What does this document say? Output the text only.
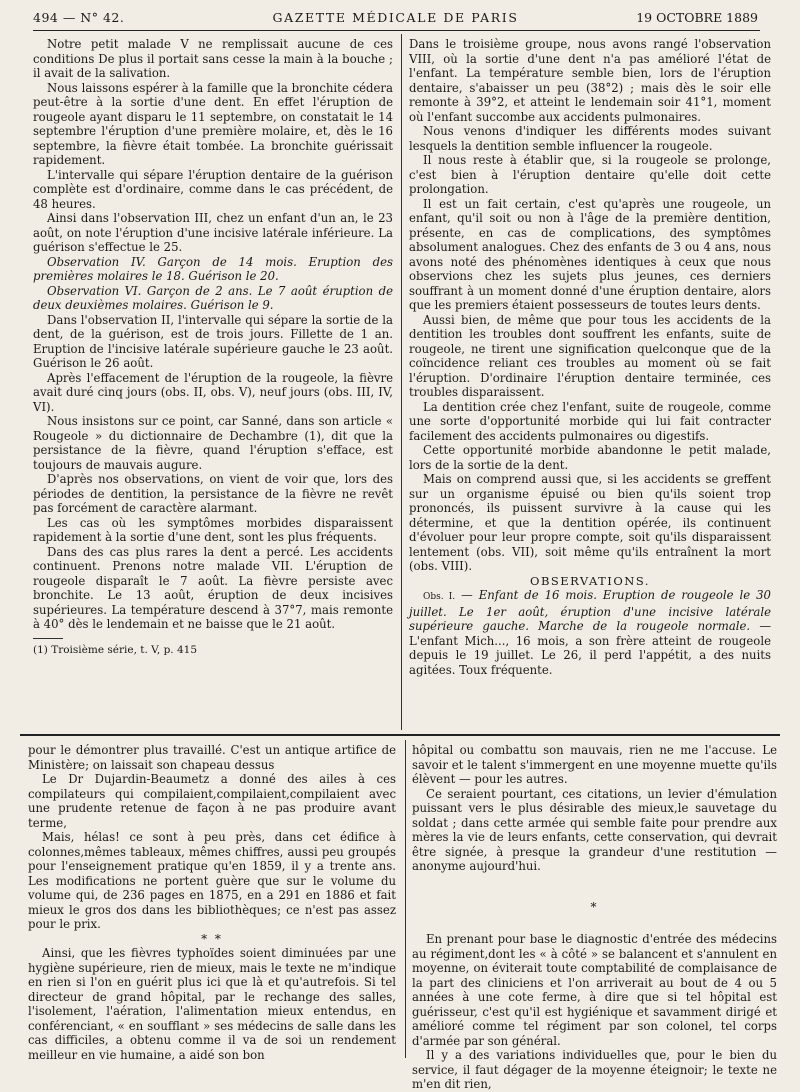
494 — N° 42.	GAZETTE MÉDICALE DE PARIS	19 OCTOBRE 1889

Notre petit malade V ne remplissait aucune de ces conditions De plus il portait sans cesse la main à la bouche ; il avait de la salivation.

Nous laissons espérer à la famille que la bronchite cédera peut-être à la sortie d'une dent. En effet l'éruption de rougeole ayant disparu le 11 septembre, on constatait le 14 septembre l'éruption d'une première molaire, et, dès le 16 septembre, la fièvre était tombée. La bronchite guérissait rapidement.

L'intervalle qui sépare l'éruption dentaire de la guérison complète est d'ordinaire, comme dans le cas précédent, de 48 heures.

Ainsi dans l'observation III, chez un enfant d'un an, le 23 août, on note l'éruption d'une incisive latérale inférieure. La guérison s'effectue le 25.

Observation IV. Garçon de 14 mois. Eruption des premières molaires le 18. Guérison le 20.

Observation VI. Garçon de 2 ans. Le 7 août éruption de deux deuxièmes molaires. Guérison le 9.

Dans l'observation II, l'intervalle qui sépare la sortie de la dent, de la guérison, est de trois jours. Fillette de 1 an. Eruption de l'incisive latérale supérieure gauche le 23 août. Guérison le 26 août.

Après l'effacement de l'éruption de la rougeole, la fièvre avait duré cinq jours (obs. II, obs. V), neuf jours (obs. III, IV, VI).

Nous insistons sur ce point, car Sanné, dans son article « Rougeole » du dictionnaire de Dechambre (1), dit que la persistance de la fièvre, quand l'éruption s'efface, est toujours de mauvais augure.

D'après nos observations, on vient de voir que, lors des périodes de dentition, la persistance de la fièvre ne revêt pas forcément de caractère alarmant.

Les cas où les symptômes morbides disparaissent rapidement à la sortie d'une dent, sont les plus fréquents.

Dans des cas plus rares la dent a percé. Les accidents continuent. Prenons notre malade VII. L'éruption de rougeole disparaît le 7 août. La fièvre persiste avec bronchite. Le 13 août, éruption de deux incisives supérieures. La température descend à 37°7, mais remonte à 40° dès le lendemain et ne baisse que le 21 août.

(1) Troisième série, t. V, p. 415

Dans le troisième groupe, nous avons rangé l'observation VIII, où la sortie d'une dent n'a pas amélioré l'état de l'enfant. La température semble bien, lors de l'éruption dentaire, s'abaisser un peu (38°2) ; mais dès le soir elle remonte à 39°2, et atteint le lendemain soir 41°1, moment où l'enfant succombe aux accidents pulmonaires.

Nous venons d'indiquer les différents modes suivant lesquels la dentition semble influencer la rougeole.

Il nous reste à établir que, si la rougeole se prolonge, c'est bien à l'éruption dentaire qu'elle doit cette prolongation.

Il est un fait certain, c'est qu'après une rougeole, un enfant, qu'il soit ou non à l'âge de la première dentition, présente, en cas de complications, des symptômes absolument analogues. Chez des enfants de 3 ou 4 ans, nous avons noté des phénomènes identiques à ceux que nous observions chez les sujets plus jeunes, ces derniers souffrant à un moment donné d'une éruption dentaire, alors que les premiers étaient possesseurs de toutes leurs dents.

Aussi bien, de même que pour tous les accidents de la dentition les troubles dont souffrent les enfants, suite de rougeole, ne tirent une signification quelconque que de la coïncidence reliant ces troubles au moment où se fait l'éruption. D'ordinaire l'éruption dentaire terminée, ces troubles disparaissent.

La dentition crée chez l'enfant, suite de rougeole, comme une sorte d'opportunité morbide qui lui fait contracter facilement des accidents pulmonaires ou digestifs.

Cette opportunité morbide abandonne le petit malade, lors de la sortie de la dent.

Mais on comprend aussi que, si les accidents se greffent sur un organisme épuisé ou bien qu'ils soient trop prononcés, ils puissent survivre à la cause qui les détermine, et que la dentition opérée, ils continuent d'évoluer pour leur propre compte, soit qu'ils disparaissent lentement (obs. VII), soit même qu'ils entraînent la mort (obs. VIII).

OBSERVATIONS.

Obs. I. — Enfant de 16 mois. Eruption de rougeole le 30 juillet. Le 1er août, éruption d'une incisive latérale supérieure gauche. Marche de la rougeole normale. — L'enfant Mich..., 16 mois, a son frère atteint de rougeole depuis le 19 juillet. Le 26, il perd l'appétit, a des nuits agitées. Toux fréquente.

pour le démontrer plus travaillé. C'est un antique artifice de Ministère; on laissait son chapeau dessus

Le Dr Dujardin-Beaumetz a donné des ailes à ces compilateurs qui compilaient,compilaient,compilaient avec une prudente retenue de façon à ne pas produire avant terme,

Mais, hélas! ce sont à peu près, dans cet édifice à colonnes,mêmes tableaux, mêmes chiffres, aussi peu groupés pour l'enseignement pratique qu'en 1859, il y a trente ans. Les modifications ne portent guère que sur le volume du volume qui, de 236 pages en 1875, en a 291 en 1886 et fait mieux le gros dos dans les bibliothèques; ce n'est pas assez pour le prix.

* *

Ainsi, que les fièvres typhoïdes soient diminuées par une hygiène supérieure, rien de mieux, mais le texte ne m'indique en rien si l'on en guérit plus ici que là et qu'autrefois. Si tel directeur de grand hôpital, par le rechange des salles, l'isolement, l'aération, l'alimentation mieux entendus, en conférenciant, « en soufflant » ses médecins de salle dans les cas difficiles, a obtenu comme il va de soi un rendement meilleur en vie humaine, a aidé son bon

hôpital ou combattu son mauvais, rien ne me l'accuse. Le savoir et le talent s'immergent en une moyenne muette qu'ils élèvent — pour les autres.

Ce seraient pourtant, ces citations, un levier d'émulation puissant vers le plus désirable des mieux,le sauvetage du soldat ; dans cette armée qui semble faite pour prendre aux mères la vie de leurs enfants, cette conservation, qui devrait être signée, à presque la grandeur d'une restitution — anonyme aujourd'hui.

*

En prenant pour base le diagnostic d'entrée des médecins au régiment,dont les « à côté » se balancent et s'annulent en moyenne, on éviterait toute comptabilité de complaisance de la part des cliniciens et l'on arriverait au bout de 4 ou 5 années à une cote ferme, à dire que si tel hôpital est guérisseur, c'est qu'il est hygiénique et savamment dirigé et amélioré comme tel régiment par son colonel, tel corps d'armée par son général.

Il y a des variations individuelles que, pour le bien du service, il faut dégager de la moyenne éteignoir; le texte ne m'en dit rien,
